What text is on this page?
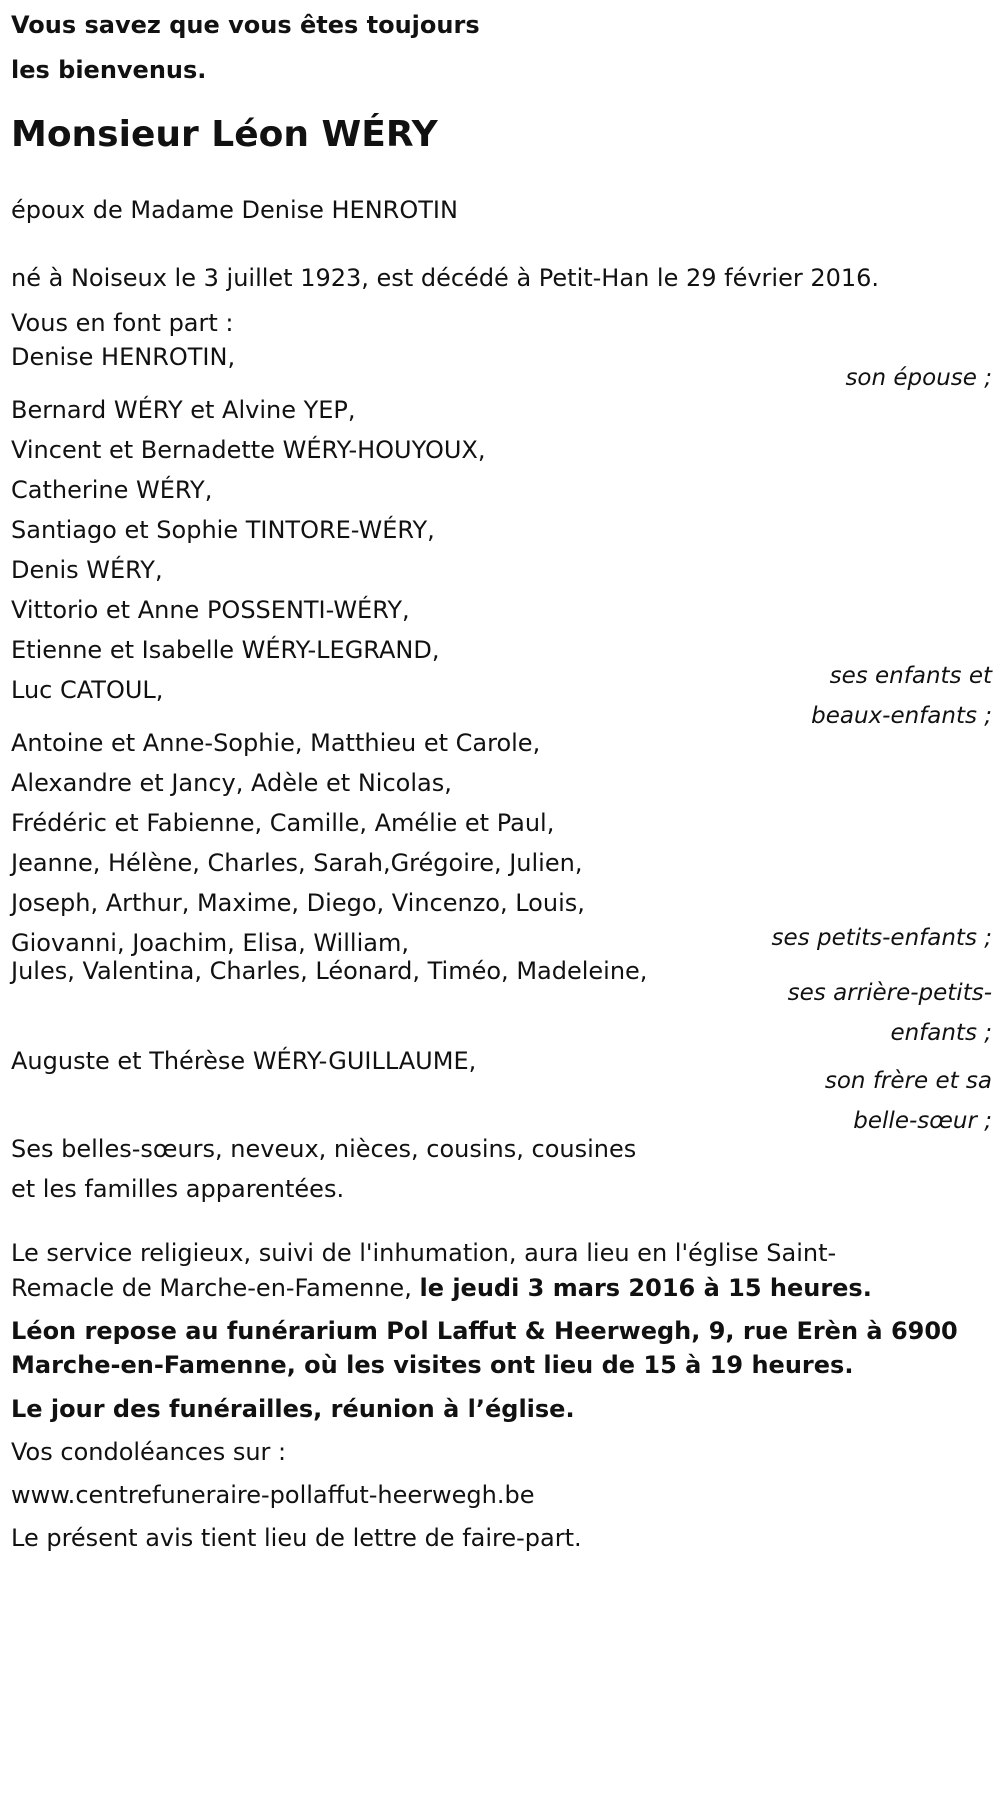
Vous savez que vous êtes toujours
les bienvenus.
Monsieur Léon WÉRY
époux de Madame Denise HENROTIN
né à Noiseux le 3 juillet 1923, est décédé à Petit-Han le 29 février 2016.
Vous en font part :
Denise HENROTIN,
son épouse ;
Bernard WÉRY et Alvine YEP,
Vincent et Bernadette WÉRY-HOUYOUX,
Catherine WÉRY,
Santiago et Sophie TINTORE-WÉRY,
Denis WÉRY,
Vittorio et Anne POSSENTI-WÉRY,
Etienne et Isabelle WÉRY-LEGRAND,
Luc CATOUL,	ses enfants et
beaux-enfants ;
Antoine et Anne-Sophie, Matthieu et Carole,
Alexandre et Jancy, Adèle et Nicolas,
Frédéric et Fabienne, Camille, Amélie et Paul,
Jeanne, Hélène, Charles, Sarah,Grégoire, Julien,
Joseph, Arthur, Maxime, Diego, Vincenzo, Louis,
Giovanni, Joachim, Elisa, William,	ses petits-enfants ;
Jules, Valentina, Charles, Léonard, Timéo, Madeleine,
ses arrière-petits-
enfants ;
Auguste et Thérèse WÉRY-GUILLAUME,
son frère et sa
belle-sœur ;
Ses belles-sœurs, neveux, nièces, cousins, cousines
et les familles apparentées.
Le service religieux, suivi de l'inhumation, aura lieu en l'église Saint-
Remacle de Marche-en-Famenne, le jeudi 3 mars 2016 à 15 heures.
Léon repose au funérarium Pol Laffut & Heerwegh, 9, rue Erèn à 6900
Marche-en-Famenne, où les visites ont lieu de 15 à 19 heures.
Le jour des funérailles, réunion à l’église.
Vos condoléances sur :
www.centrefuneraire-pollaffut-heerwegh.be
Le présent avis tient lieu de lettre de faire-part.
